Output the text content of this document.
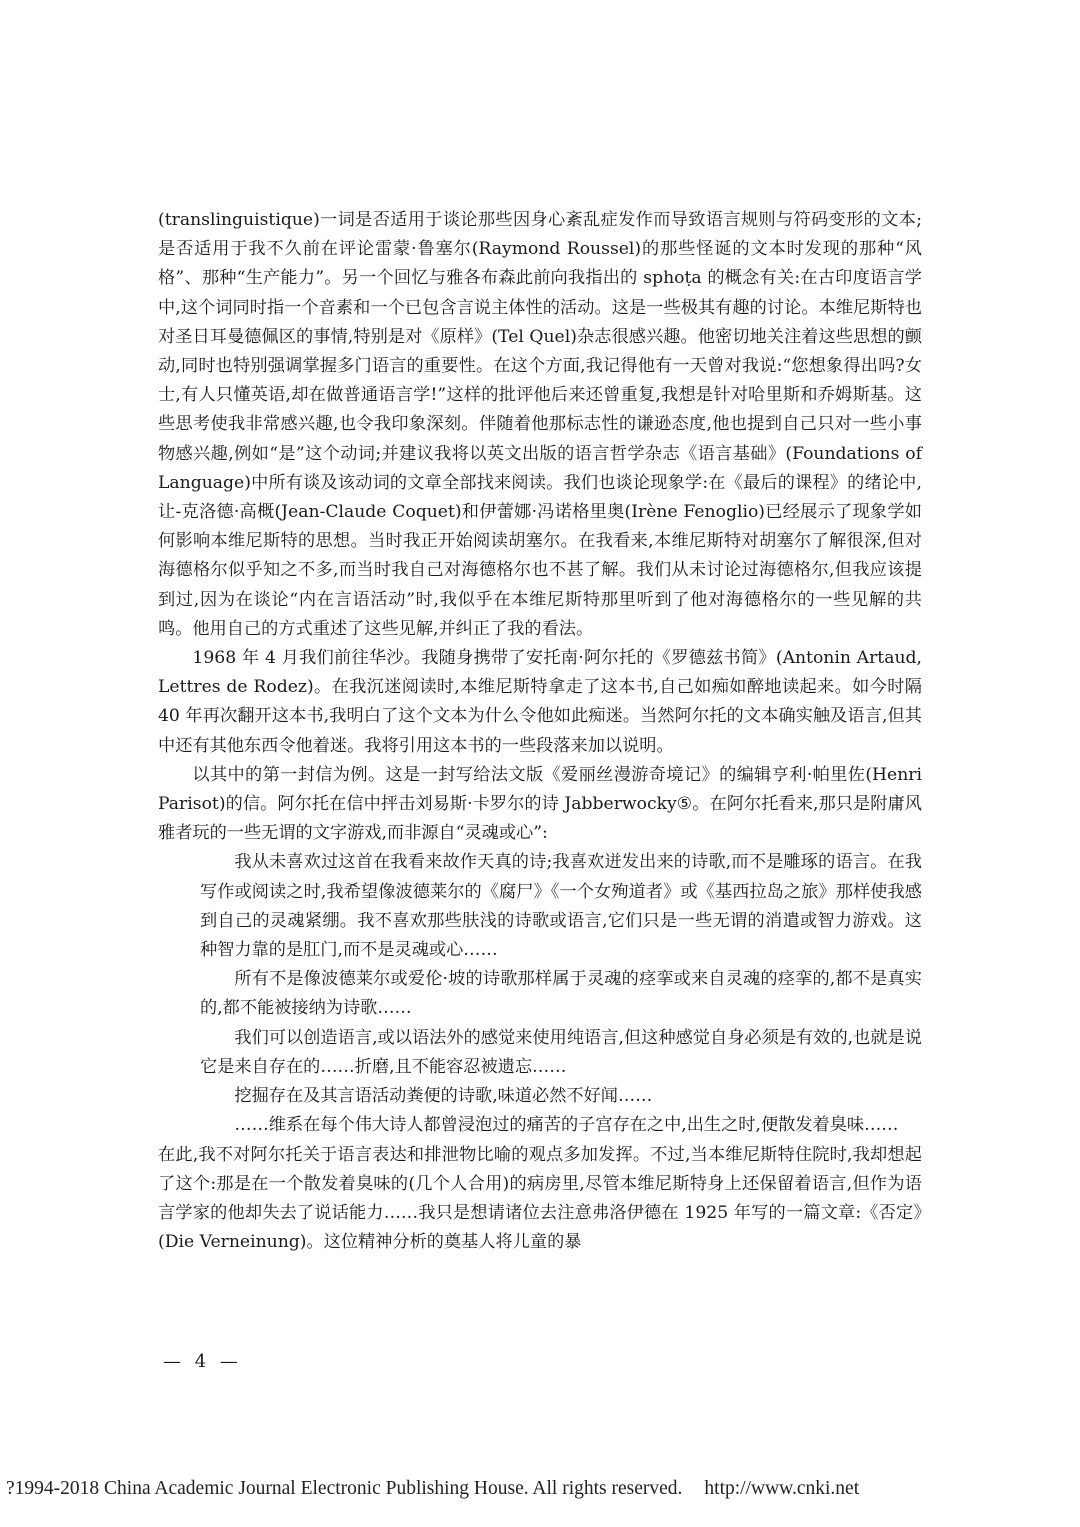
(translinguistique)一词是否适用于谈论那些因身心紊乱症发作而导致语言规则与符码变形的文本;是否适用于我不久前在评论雷蒙·鲁塞尔(Raymond Roussel)的那些怪诞的文本时发现的那种“风格”、那种“生产能力”。另一个回忆与雅各布森此前向我指出的 sphoṭa 的概念有关:在古印度语言学中,这个词同时指一个音素和一个已包含言说主体性的活动。这是一些极其有趣的讨论。本维尼斯特也对圣日耳曼德佩区的事情,特别是对《原样》(Tel Quel)杂志很感兴趣。他密切地关注着这些思想的颤动,同时也特别强调掌握多门语言的重要性。在这个方面,我记得他有一天曾对我说:“您想象得出吗?女士,有人只懂英语,却在做普通语言学!”这样的批评他后来还曾重复,我想是针对哈里斯和乔姆斯基。这些思考使我非常感兴趣,也令我印象深刻。伴随着他那标志性的谦逊态度,他也提到自己只对一些小事物感兴趣,例如“是”这个动词;并建议我将以英文出版的语言哲学杂志《语言基础》(Foundations of Language)中所有谈及该动词的文章全部找来阅读。我们也谈论现象学:在《最后的课程》的绪论中,让-克洛德·高概(Jean-Claude Coquet)和伊蕾娜·冯诺格里奥(Irène Fenoglio)已经展示了现象学如何影响本维尼斯特的思想。当时我正开始阅读胡塞尔。在我看来,本维尼斯特对胡塞尔了解很深,但对海德格尔似乎知之不多,而当时我自己对海德格尔也不甚了解。我们从未讨论过海德格尔,但我应该提到过,因为在谈论“内在言语活动”时,我似乎在本维尼斯特那里听到了他对海德格尔的一些见解的共鸣。他用自己的方式重述了这些见解,并纠正了我的看法。

1968 年 4 月我们前往华沙。我随身携带了安托南·阿尔托的《罗德兹书简》(Antonin Artaud, Lettres de Rodez)。在我沉迷阅读时,本维尼斯特拿走了这本书,自己如痴如醉地读起来。如今时隔 40 年再次翻开这本书,我明白了这个文本为什么令他如此痴迷。当然阿尔托的文本确实触及语言,但其中还有其他东西令他着迷。我将引用这本书的一些段落来加以说明。

以其中的第一封信为例。这是一封写给法文版《爱丽丝漫游奇境记》的编辑亨利·帕里佐(Henri Parisot)的信。阿尔托在信中抨击刘易斯·卡罗尔的诗 Jabberwocky⑤。在阿尔托看来,那只是附庸风雅者玩的一些无谓的文字游戏,而非源自“灵魂或心”:

我从未喜欢过这首在我看来故作天真的诗;我喜欢迸发出来的诗歌,而不是雕琢的语言。在我写作或阅读之时,我希望像波德莱尔的《腐尸》《一个女殉道者》或《基西拉岛之旅》那样使我感到自己的灵魂紧绷。我不喜欢那些肤浅的诗歌或语言,它们只是一些无谓的消遣或智力游戏。这种智力靠的是肛门,而不是灵魂或心……

所有不是像波德莱尔或爱伦·坡的诗歌那样属于灵魂的痉挛或来自灵魂的痉挛的,都不是真实的,都不能被接纳为诗歌……

我们可以创造语言,或以语法外的感觉来使用纯语言,但这种感觉自身必须是有效的,也就是说它是来自存在的……折磨,且不能容忍被遗忘……

挖掘存在及其言语活动粪便的诗歌,味道必然不好闻……

……维系在每个伟大诗人都曾浸泡过的痛苦的子宫存在之中,出生之时,便散发着臭味……

在此,我不对阿尔托关于语言表达和排泄物比喻的观点多加发挥。不过,当本维尼斯特住院时,我却想起了这个:那是在一个散发着臭味的(几个人合用)的病房里,尽管本维尼斯特身上还保留着语言,但作为语言学家的他却失去了说话能力……我只是想请诸位去注意弗洛伊德在 1925 年写的一篇文章:《否定》(Die Verneinung)。这位精神分析的奠基人将儿童的暴

— 4 —
?1994-2018 China Academic Journal Electronic Publishing House. All rights reserved. http://www.cnki.net
